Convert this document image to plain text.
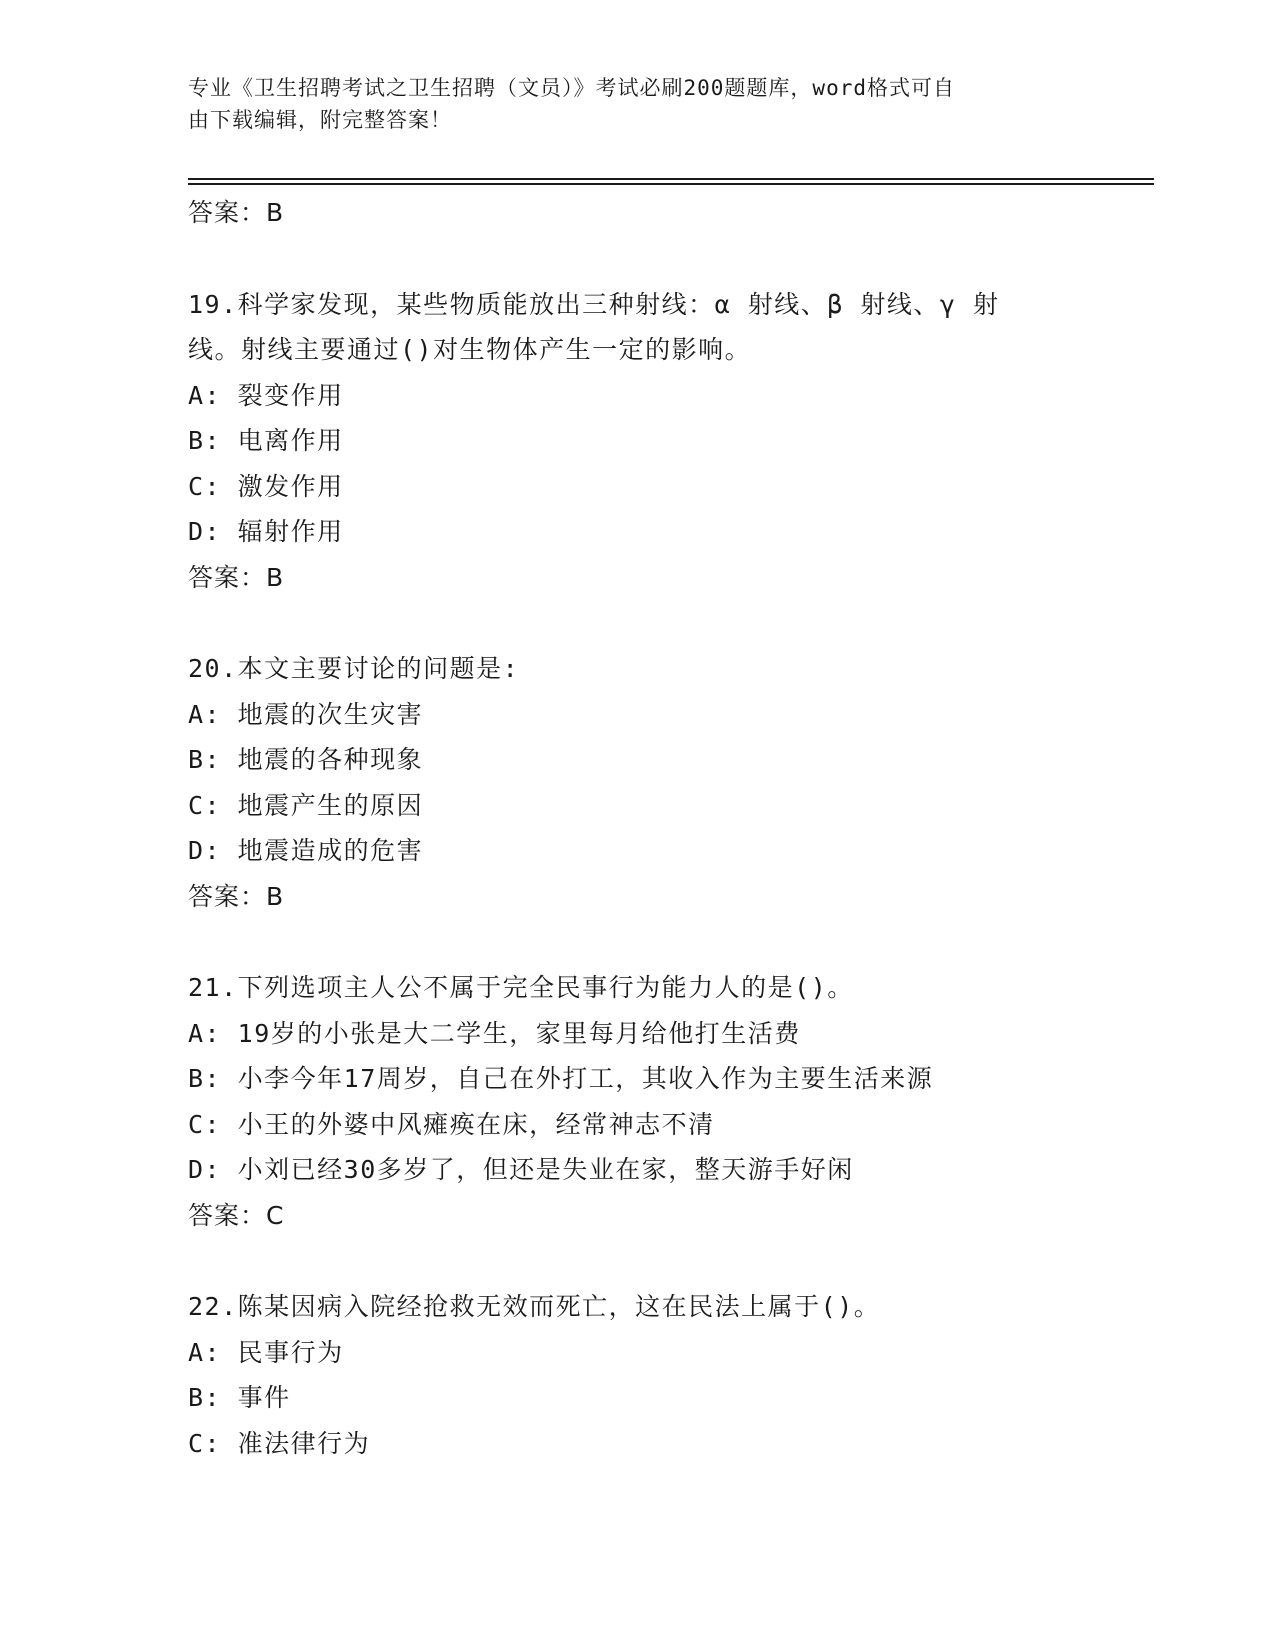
专业《卫生招聘考试之卫生招聘（文员）》考试必刷200题题库，word格式可自
由下载编辑，附完整答案！
答案：B
19.科学家发现，某些物质能放出三种射线：α 射线、β 射线、γ 射
线。射线主要通过()对生物体产生一定的影响。
A: 裂变作用
B: 电离作用
C: 激发作用
D: 辐射作用
答案：B
20.本文主要讨论的问题是:
A: 地震的次生灾害
B: 地震的各种现象
C: 地震产生的原因
D: 地震造成的危害
答案：B
21.下列选项主人公不属于完全民事行为能力人的是()。
A: 19岁的小张是大二学生，家里每月给他打生活费
B: 小李今年17周岁，自己在外打工，其收入作为主要生活来源
C: 小王的外婆中风瘫痪在床，经常神志不清
D: 小刘已经30多岁了，但还是失业在家，整天游手好闲
答案：C
22.陈某因病入院经抢救无效而死亡，这在民法上属于()。
A: 民事行为
B: 事件
C: 准法律行为
